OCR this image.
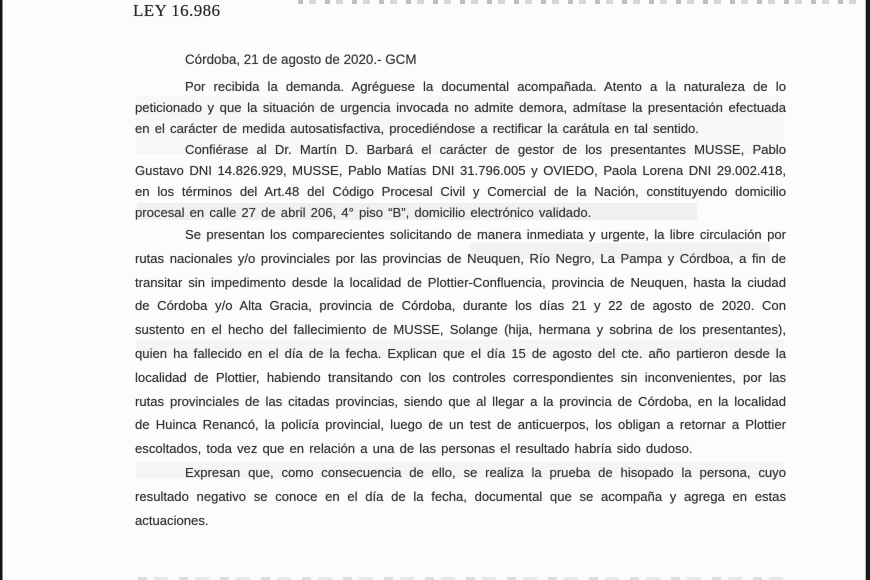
LEY 16.986
Córdoba, 21 de agosto de 2020.- GCM

Por recibida la demanda. Agréguese la documental acompañada. Atento a la naturaleza de lo peticionado y que la situación de urgencia invocada no admite demora, admítase la presentación efectuada en el carácter de medida autosatisfactiva, procediéndose a rectificar la carátula en tal sentido.

Confiérase al Dr. Martín D. Barbará el carácter de gestor de los presentantes MUSSE, Pablo Gustavo DNI 14.826.929, MUSSE, Pablo Matías DNI 31.796.005 y OVIEDO, Paola Lorena DNI 29.002.418, en los términos del Art.48 del Código Procesal Civil y Comercial de la Nación, constituyendo domicilio procesal en calle 27 de abril 206, 4° piso “B”, domicilio electrónico validado.

Se presentan los comparecientes solicitando de manera inmediata y urgente, la libre circulación por rutas nacionales y/o provinciales por las provincias de Neuquen, Río Negro, La Pampa y Córdboa, a fin de transitar sin impedimento desde la localidad de Plottier-Confluencia, provincia de Neuquen, hasta la ciudad de Córdoba y/o Alta Gracia, provincia de Córdoba, durante los días 21 y 22 de agosto de 2020. Con sustento en el hecho del fallecimiento de MUSSE, Solange (hija, hermana y sobrina de los presentantes), quien ha fallecido en el día de la fecha. Explican que el día 15 de agosto del cte. año partieron desde la localidad de Plottier, habiendo transitando con los controles correspondientes sin inconvenientes, por las rutas provinciales de las citadas provincias, siendo que al llegar a la provincia de Córdoba, en la localidad de Huinca Renancó, la policía provincial, luego de un test de anticuerpos, los obligan a retornar a Plottier escoltados, toda vez que en relación a una de las personas el resultado habría sido dudoso.

Expresan que, como consecuencia de ello, se realiza la prueba de hisopado la persona, cuyo resultado negativo se conoce en el día de la fecha, documental que se acompaña y agrega en estas actuaciones.
